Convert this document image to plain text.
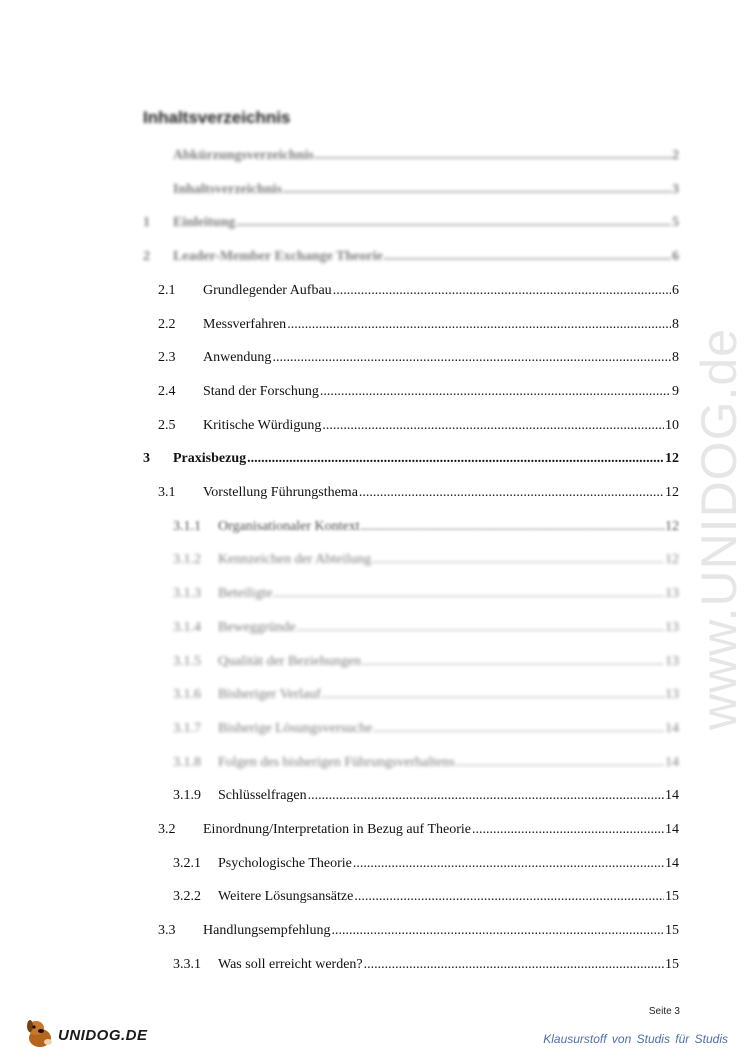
www.UNIDOG.de
Inhaltsverzeichnis
Abkürzungsverzeichnis .....	2
Inhaltsverzeichnis .....	3
1	Einleitung .....	5
2	Leader-Member Exchange Theorie .....	6
2.1	Grundlegender Aufbau .....	6
2.2	Messverfahren .....	8
2.3	Anwendung .....	8
2.4	Stand der Forschung .....	9
2.5	Kritische Würdigung .....	10
3	Praxisbezug .....	12
3.1	Vorstellung Führungsthema .....	12
3.1.1	Organisationaler Kontext .....	12
3.1.2	Kennzeichen der Abteilung .....	12
3.1.3	Beteiligte .....	13
3.1.4	Beweggründe .....	13
3.1.5	Qualität der Beziehungen .....	13
3.1.6	Bisheriger Verlauf .....	13
3.1.7	Bisherige Lösungsversuche .....	14
3.1.8	Folgen des bisherigen Führungsverhaltens .....	14
3.1.9	Schlüsselfragen .....	14
3.2	Einordnung/Interpretation in Bezug auf Theorie .....	14
3.2.1	Psychologische Theorie .....	14
3.2.2	Weitere Lösungsansätze .....	15
3.3	Handlungsempfehlung .....	15
3.3.1	Was soll erreicht werden? .....	15
Seite 3
UNIDOG.DE	Klausurstoff von Studis für Studis
